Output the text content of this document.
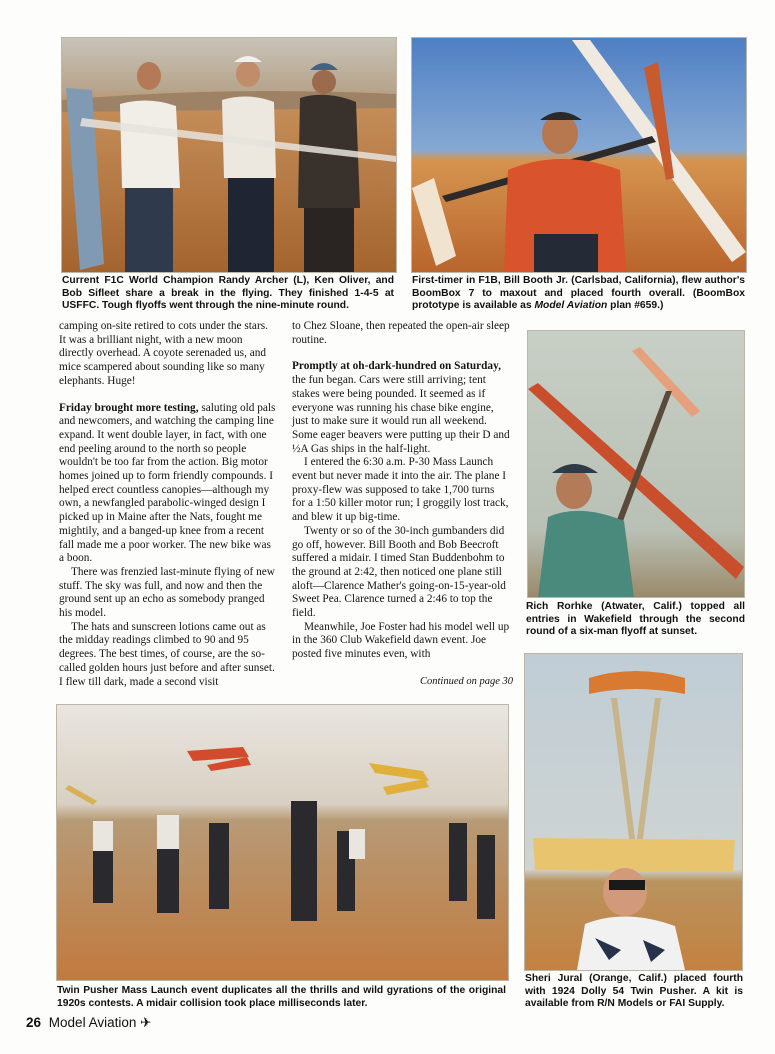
Current F1C World Champion Randy Archer (L), Ken Oliver, and Bob Sifleet share a break in the flying. They finished 1-4-5 at USFFC. Tough flyoffs went through the nine-minute round.

First-timer in F1B, Bill Booth Jr. (Carlsbad, California), flew author's BoomBox 7 to maxout and placed fourth overall. (BoomBox prototype is available as Model Aviation plan #659.)

camping on-site retired to cots under the stars. It was a brilliant night, with a new moon directly overhead. A coyote serenaded us, and mice scampered about sounding like so many elephants. Huge!

Friday brought more testing, saluting old pals and newcomers, and watching the camping line expand. It went double layer, in fact, with one end peeling around to the north so people wouldn't be too far from the action. Big motor homes joined up to form friendly compounds. I helped erect countless canopies—although my own, a newfangled parabolic-winged design I picked up in Maine after the Nats, fought me mightily, and a banged-up knee from a recent fall made me a poor worker. The new bike was a boon.

There was frenzied last-minute flying of new stuff. The sky was full, and now and then the ground sent up an echo as somebody pranged his model.

The hats and sunscreen lotions came out as the midday readings climbed to 90 and 95 degrees. The best times, of course, are the so-called golden hours just before and after sunset. I flew till dark, made a second visit

to Chez Sloane, then repeated the open-air sleep routine.

Promptly at oh-dark-hundred on Saturday, the fun began. Cars were still arriving; tent stakes were being pounded. It seemed as if everyone was running his chase bike engine, just to make sure it would run all weekend. Some eager beavers were putting up their D and ½A Gas ships in the half-light.

I entered the 6:30 a.m. P-30 Mass Launch event but never made it into the air. The plane I proxy-flew was supposed to take 1,700 turns for a 1:50 killer motor run; I groggily lost track, and blew it up big-time.

Twenty or so of the 30-inch gumbanders did go off, however. Bill Booth and Bob Beecroft suffered a midair. I timed Stan Buddenbohm to the ground at 2:42, then noticed one plane still aloft—Clarence Mather's going-on-15-year-old Sweet Pea. Clarence turned a 2:46 to top the field.

Meanwhile, Joe Foster had his model well up in the 360 Club Wakefield dawn event. Joe posted five minutes even, with

Continued on page 30

Rich Rorhke (Atwater, Calif.) topped all entries in Wakefield through the second round of a six-man flyoff at sunset.

Twin Pusher Mass Launch event duplicates all the thrills and wild gyrations of the original 1920s contests. A midair collision took place milliseconds later.

Sheri Jural (Orange, Calif.) placed fourth with 1924 Dolly 54 Twin Pusher. A kit is available from R/N Models or FAI Supply.

26 Model Aviation ✈
